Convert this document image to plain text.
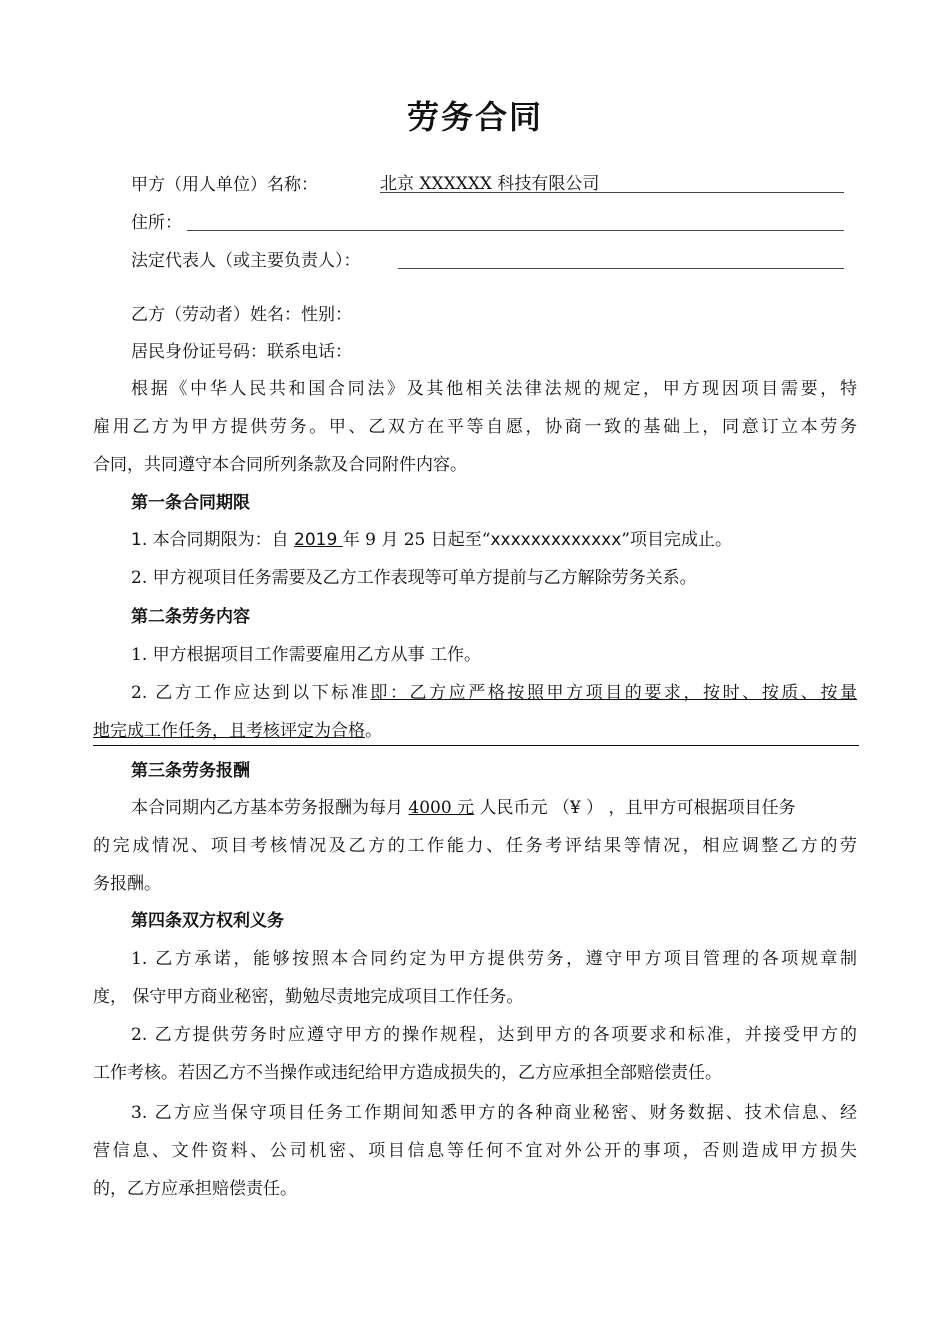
劳务合同
甲方（用人单位）名称：	北京 XXXXXX 科技有限公司
住所：
法定代表人（或主要负责人）：
乙方（劳动者）姓名：性别：
居民身份证号码：联系电话：
根据《中华人民共和国合同法》及其他相关法律法规的规定，甲方现因项目需要，特
雇用乙方为甲方提供劳务。甲、乙双方在平等自愿，协商一致的基础上，同意订立本劳务
合同，共同遵守本合同所列条款及合同附件内容。
第一条合同期限
1. 本合同期限为：自 2019 年 9 月 25 日起至“xxxxxxxxxxxxx”项目完成止。
2. 甲方视项目任务需要及乙方工作表现等可单方提前与乙方解除劳务关系。
第二条劳务内容
1. 甲方根据项目工作需要雇用乙方从事 工作。
2. 乙方工作应达到以下标准即：乙方应严格按照甲方项目的要求，按时、按质、按量
地完成工作任务，且考核评定为合格。
第三条劳务报酬
本合同期内乙方基本劳务报酬为每月 4000 元 人民币元 （¥ ） ，且甲方可根据项目任务
的完成情况、项目考核情况及乙方的工作能力、任务考评结果等情况，相应调整乙方的劳
务报酬。
第四条双方权利义务
1. 乙方承诺，能够按照本合同约定为甲方提供劳务，遵守甲方项目管理的各项规章制
度， 保守甲方商业秘密，勤勉尽责地完成项目工作任务。
2. 乙方提供劳务时应遵守甲方的操作规程，达到甲方的各项要求和标准，并接受甲方的
工作考核。若因乙方不当操作或违纪给甲方造成损失的，乙方应承担全部赔偿责任。
3. 乙方应当保守项目任务工作期间知悉甲方的各种商业秘密、财务数据、技术信息、经
营信息、文件资料、公司机密、项目信息等任何不宜对外公开的事项，否则造成甲方损失
的，乙方应承担赔偿责任。
